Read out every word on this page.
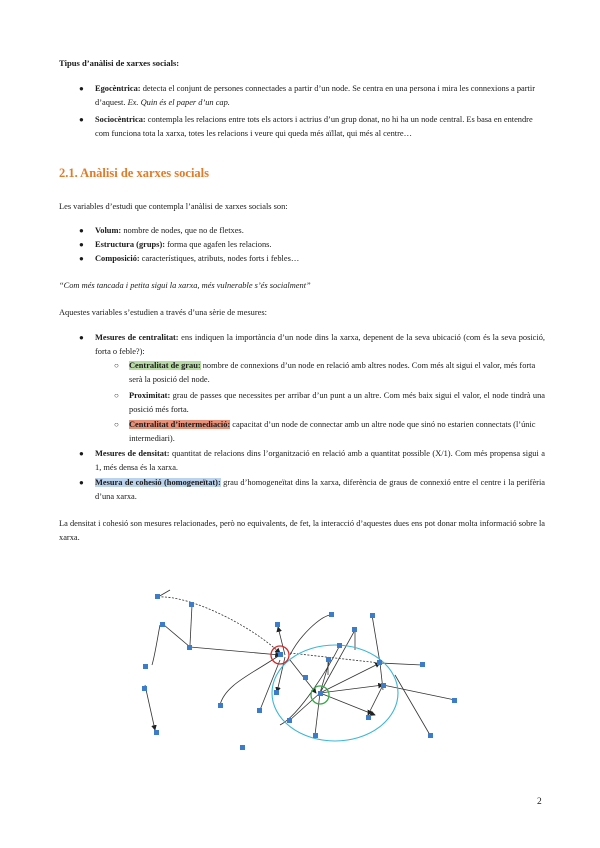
Tipus d’anàlisi de xarxes socials:

● Egocèntrica: detecta el conjunt de persones connectades a partir d’un node. Se centra en una persona i mira les connexions a partir d’aquest. Ex. Quin és el paper d’un cap.
● Sociocèntrica: contempla les relacions entre tots els actors i actrius d’un grup donat, no hi ha un node central. Es basa en entendre com funciona tota la xarxa, totes les relacions i veure qui queda més aïllat, qui més al centre…

2.1. Anàlisi de xarxes socials

Les variables d’estudi que contempla l’anàlisi de xarxes socials son:

● Volum: nombre de nodes, que no de fletxes.
● Estructura (grups): forma que agafen les relacions.
● Composició: característiques, atributs, nodes forts i febles…

“Com més tancada i petita sigui la xarxa, més vulnerable s’és socialment”

Aquestes variables s’estudien a través d’una sèrie de mesures:

● Mesures de centralitat: ens indiquen la importància d’un node dins la xarxa, depenent de la seva ubicació (com és la seva posició, forta o feble?):
○ Centralitat de grau: nombre de connexions d’un node en relació amb altres nodes. Com més alt sigui el valor, més forta serà la posició del node.
○ Proximitat: grau de passes que necessites per arribar d’un punt a un altre. Com més baix sigui el valor, el node tindrà una posició més forta.
○ Centralitat d’intermediació: capacitat d’un node de connectar amb un altre node que sinó no estarien connectats (l’únic intermediari).
● Mesures de densitat: quantitat de relacions dins l’organització en relació amb a quantitat possible (X/1). Com més propensa sigui a 1, més densa és la xarxa.
● Mesura de cohesió (homogeneïtat): grau d’homogeneïtat dins la xarxa, diferència de graus de connexió entre el centre i la perifèria d’una xarxa.

La densitat i cohesió son mesures relacionades, però no equivalents, de fet, la interacció d’aquestes dues ens pot donar molta informació sobre la xarxa.

2
